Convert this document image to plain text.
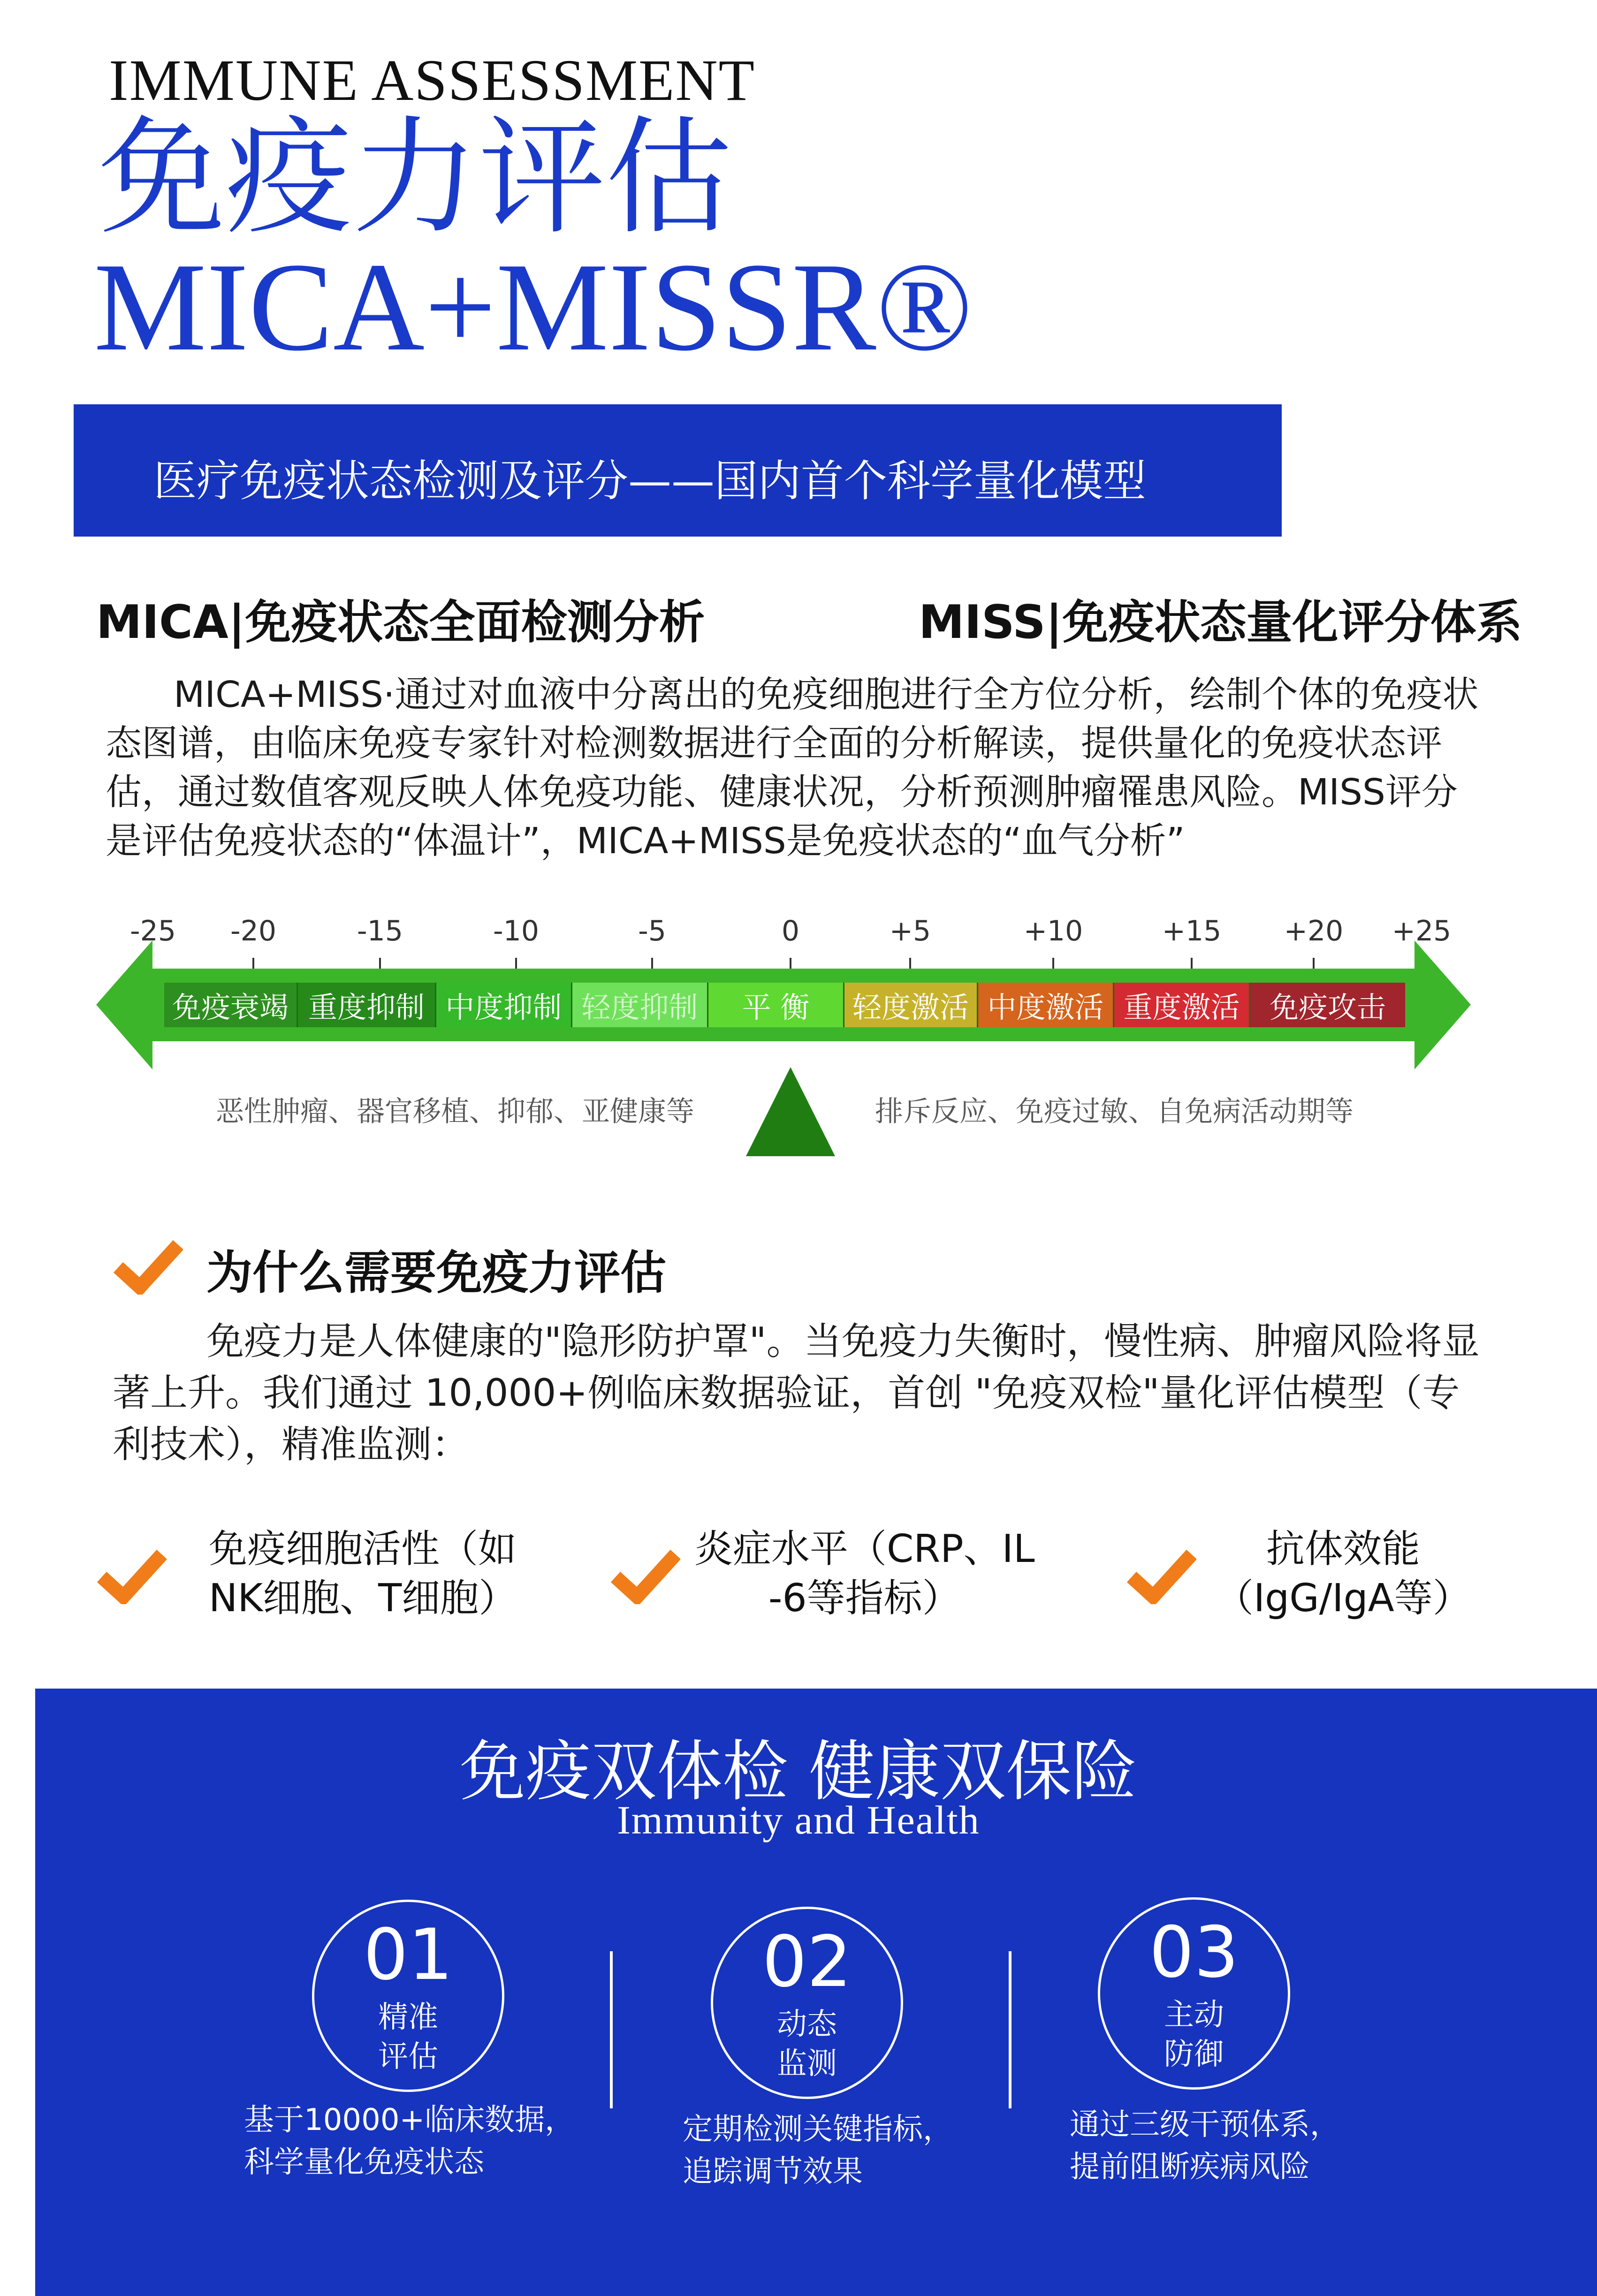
IMMUNE ASSESSMENT
免疫力评估
MICA+MISSR®
医疗免疫状态检测及评分——国内首个科学量化模型
MICA|免疫状态全面检测分析	MISS|免疫状态量化评分体系
MICA+MISS·通过对血液中分离出的免疫细胞进行全方位分析，绘制个体的免疫状态图谱，由临床免疫专家针对检测数据进行全面的分析解读，提供量化的免疫状态评估，通过数值客观反映人体免疫功能、健康状况，分析预测肿瘤罹患风险。MISS评分是评估免疫状态的“体温计”，MICA+MISS是免疫状态的“血气分析”
-25 -20	-15	-10	-5	0	+5	+10	+15 +20 +25
免疫衰竭 重度抑制 中度抑制 轻度抑制 平 衡 轻度激活 中度激活 重度激活 免疫攻击
恶性肿瘤、器官移植、抑郁、亚健康等	排斥反应、免疫过敏、自免病活动期等
为什么需要免疫力评估
免疫力是人体健康的"隐形防护罩"。当免疫力失衡时，慢性病、肿瘤风险将显著上升。我们通过 10,000+例临床数据验证，首创 "免疫双检"量化评估模型（专利技术），精准监测：
免疫细胞活性（如
NK细胞、T细胞）
炎症水平（CRP、IL
-6等指标）
抗体效能
（IgG/IgA等）
免疫双体检 健康双保险
Immunity and Health
01
精准
评估
基于10000+临床数据，
科学量化免疫状态
02
动态
监测
定期检测关键指标，
追踪调节效果
03
主动
防御
通过三级干预体系，
提前阻断疾病风险
